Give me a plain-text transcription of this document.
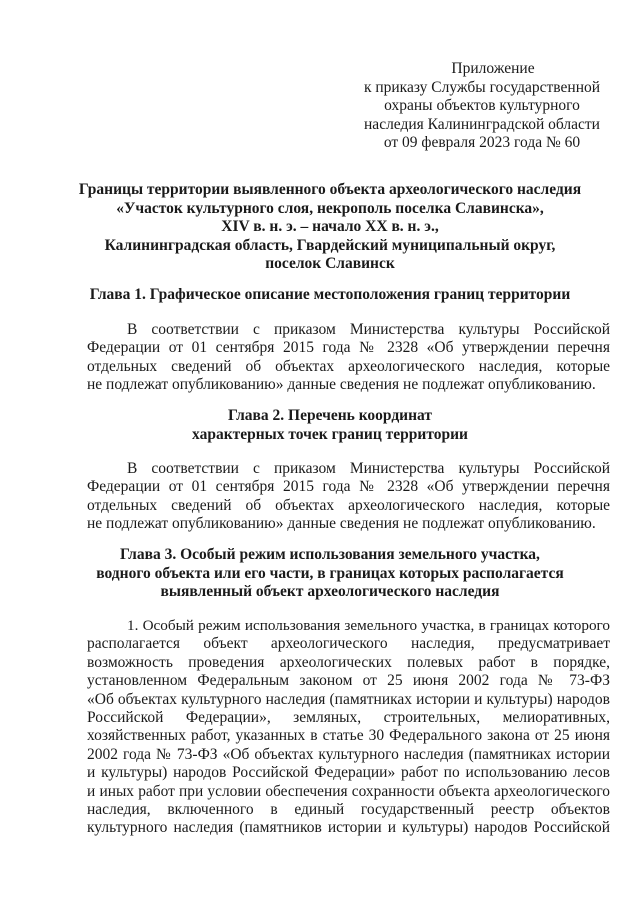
Приложение
к приказу Службы государственной
охраны объектов культурного
наследия Калининградской области
от 09 февраля 2023 года № 60
Границы территории выявленного объекта археологического наследия
«Участок культурного слоя, некрополь поселка Славинска»,
XIV в. н. э. – начало XX в. н. э.,
Калининградская область, Гвардейский муниципальный округ,
поселок Славинск
Глава 1. Графическое описание местоположения границ территории
В соответствии с приказом Министерства культуры Российской
Федерации от 01 сентября 2015 года № 2328 «Об утверждении перечня
отдельных сведений об объектах археологического наследия, которые
не подлежат опубликованию» данные сведения не подлежат опубликованию.
Глава 2. Перечень координат
характерных точек границ территории
В соответствии с приказом Министерства культуры Российской
Федерации от 01 сентября 2015 года № 2328 «Об утверждении перечня
отдельных сведений об объектах археологического наследия, которые
не подлежат опубликованию» данные сведения не подлежат опубликованию.
Глава 3. Особый режим использования земельного участка,
водного объекта или его части, в границах которых располагается
выявленный объект археологического наследия
1. Особый режим использования земельного участка, в границах которого
располагается объект археологического наследия, предусматривает
возможность проведения археологических полевых работ в порядке,
установленном Федеральным законом от 25 июня 2002 года № 73-ФЗ
«Об объектах культурного наследия (памятниках истории и культуры) народов
Российской Федерации», земляных, строительных, мелиоративных,
хозяйственных работ, указанных в статье 30 Федерального закона от 25 июня
2002 года № 73-ФЗ «Об объектах культурного наследия (памятниках истории
и культуры) народов Российской Федерации» работ по использованию лесов
и иных работ при условии обеспечения сохранности объекта археологического
наследия, включенного в единый государственный реестр объектов
культурного наследия (памятников истории и культуры) народов Российской
